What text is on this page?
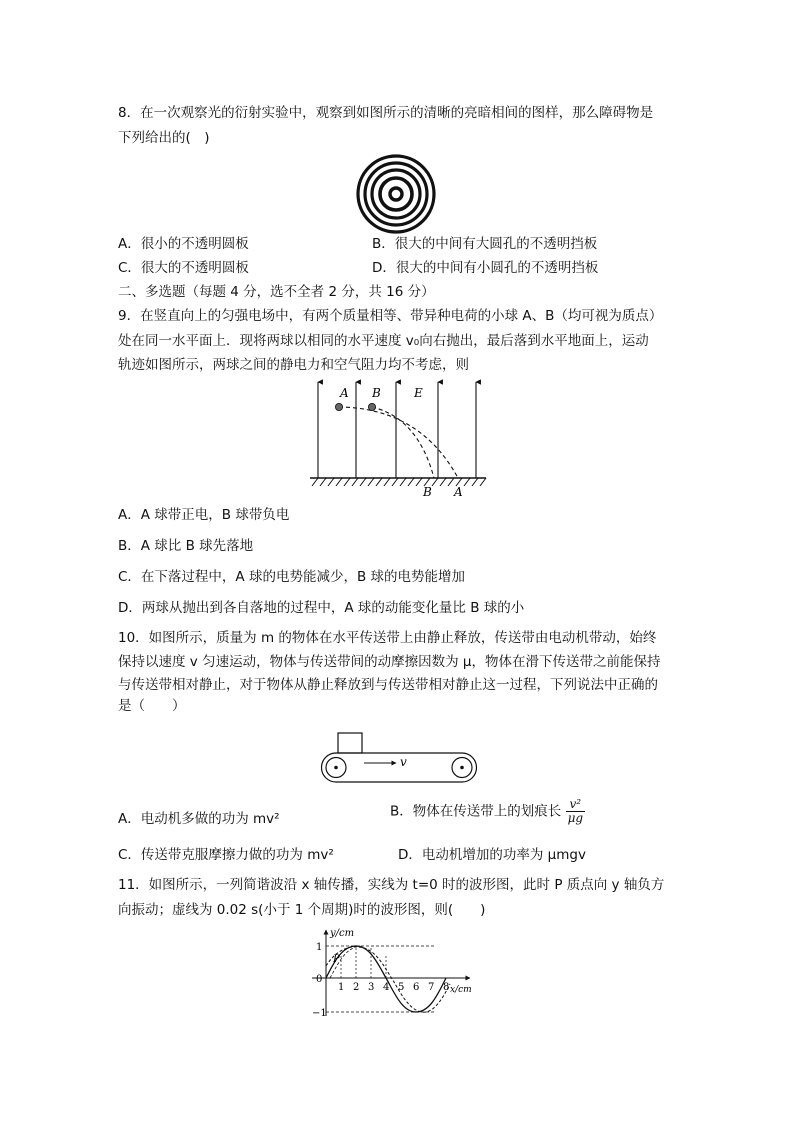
8．在一次观察光的衍射实验中，观察到如图所示的清晰的亮暗相间的图样，那么障碍物是
下列给出的(　)
A．很小的不透明圆板	B．很大的中间有大圆孔的不透明挡板
C．很大的不透明圆板	D．很大的中间有小圆孔的不透明挡板
二、多选题（每题 4 分，选不全者 2 分，共 16 分）
9．在竖直向上的匀强电场中，有两个质量相等、带异种电荷的小球 A、B（均可视为质点）
处在同一水平面上．现将两球以相同的水平速度 v₀向右抛出，最后落到水平地面上，运动
轨迹如图所示，两球之间的静电力和空气阻力均不考虑，则
A B	E
B A
A．A 球带正电，B 球带负电
B．A 球比 B 球先落地
C．在下落过程中，A 球的电势能减少，B 球的电势能增加
D．两球从抛出到各自落地的过程中，A 球的动能变化量比 B 球的小
10．如图所示，质量为 m 的物体在水平传送带上由静止释放，传送带由电动机带动，始终
保持以速度 v 匀速运动，物体与传送带间的动摩擦因数为 μ，物体在滑下传送带之前能保持
与传送带相对静止，对于物体从静止释放到与传送带相对静止这一过程，下列说法中正确的
是（　　）
v
A．电动机多做的功为 mv²	B．物体在传送带上的划痕长 $\frac{\text{v²}}{\mu g}$
C．传送带克服摩擦力做的功为 mv²	D．电动机增加的功率为 μmgv
11．如图所示，一列简谐波沿 x 轴传播，实线为 t=0 时的波形图，此时 P 质点向 y 轴负方
向振动；虚线为 0.02 s(小于 1 个周期)时的波形图，则(　　)
y/cm
x/cm
0
1
−1
P
1 2 3 4 5 6 7 8
